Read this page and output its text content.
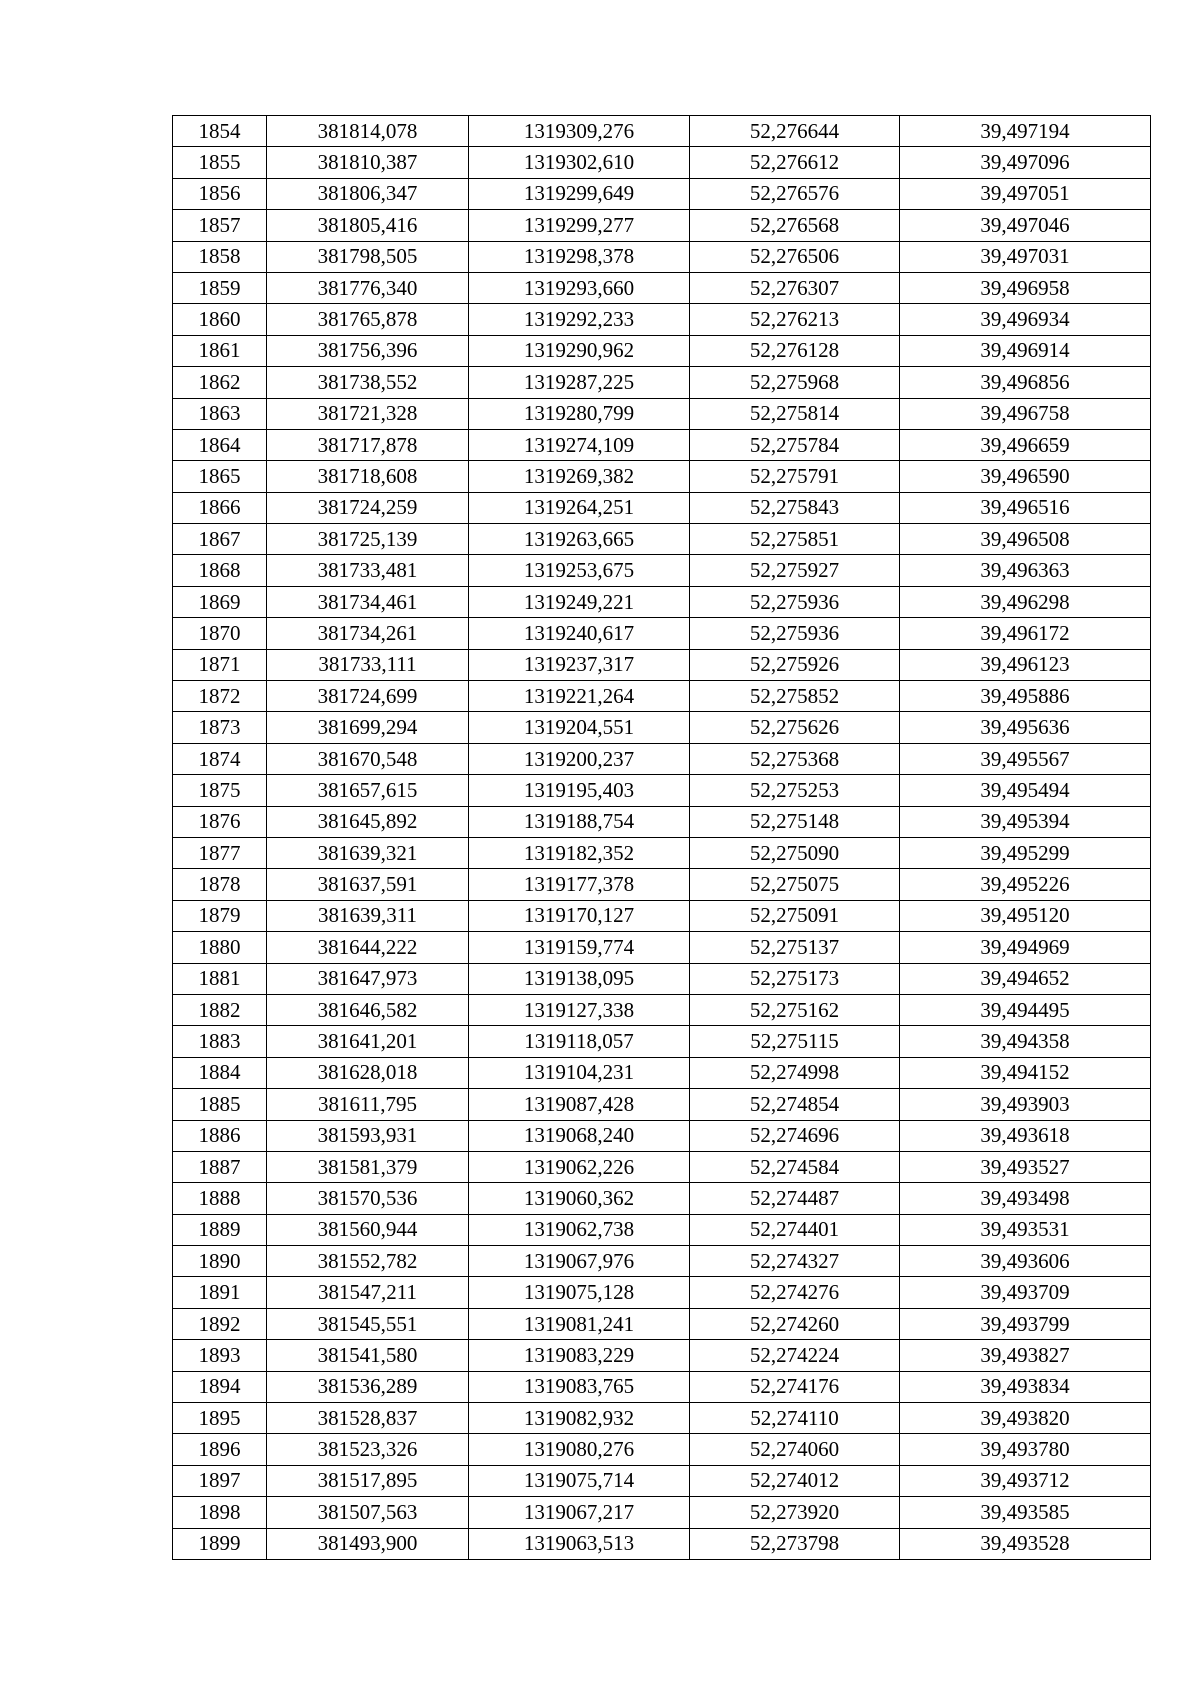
1854	381814,078	1319309,276	52,276644	39,497194
1855	381810,387	1319302,610	52,276612	39,497096
1856	381806,347	1319299,649	52,276576	39,497051
1857	381805,416	1319299,277	52,276568	39,497046
1858	381798,505	1319298,378	52,276506	39,497031
1859	381776,340	1319293,660	52,276307	39,496958
1860	381765,878	1319292,233	52,276213	39,496934
1861	381756,396	1319290,962	52,276128	39,496914
1862	381738,552	1319287,225	52,275968	39,496856
1863	381721,328	1319280,799	52,275814	39,496758
1864	381717,878	1319274,109	52,275784	39,496659
1865	381718,608	1319269,382	52,275791	39,496590
1866	381724,259	1319264,251	52,275843	39,496516
1867	381725,139	1319263,665	52,275851	39,496508
1868	381733,481	1319253,675	52,275927	39,496363
1869	381734,461	1319249,221	52,275936	39,496298
1870	381734,261	1319240,617	52,275936	39,496172
1871	381733,111	1319237,317	52,275926	39,496123
1872	381724,699	1319221,264	52,275852	39,495886
1873	381699,294	1319204,551	52,275626	39,495636
1874	381670,548	1319200,237	52,275368	39,495567
1875	381657,615	1319195,403	52,275253	39,495494
1876	381645,892	1319188,754	52,275148	39,495394
1877	381639,321	1319182,352	52,275090	39,495299
1878	381637,591	1319177,378	52,275075	39,495226
1879	381639,311	1319170,127	52,275091	39,495120
1880	381644,222	1319159,774	52,275137	39,494969
1881	381647,973	1319138,095	52,275173	39,494652
1882	381646,582	1319127,338	52,275162	39,494495
1883	381641,201	1319118,057	52,275115	39,494358
1884	381628,018	1319104,231	52,274998	39,494152
1885	381611,795	1319087,428	52,274854	39,493903
1886	381593,931	1319068,240	52,274696	39,493618
1887	381581,379	1319062,226	52,274584	39,493527
1888	381570,536	1319060,362	52,274487	39,493498
1889	381560,944	1319062,738	52,274401	39,493531
1890	381552,782	1319067,976	52,274327	39,493606
1891	381547,211	1319075,128	52,274276	39,493709
1892	381545,551	1319081,241	52,274260	39,493799
1893	381541,580	1319083,229	52,274224	39,493827
1894	381536,289	1319083,765	52,274176	39,493834
1895	381528,837	1319082,932	52,274110	39,493820
1896	381523,326	1319080,276	52,274060	39,493780
1897	381517,895	1319075,714	52,274012	39,493712
1898	381507,563	1319067,217	52,273920	39,493585
1899	381493,900	1319063,513	52,273798	39,493528
